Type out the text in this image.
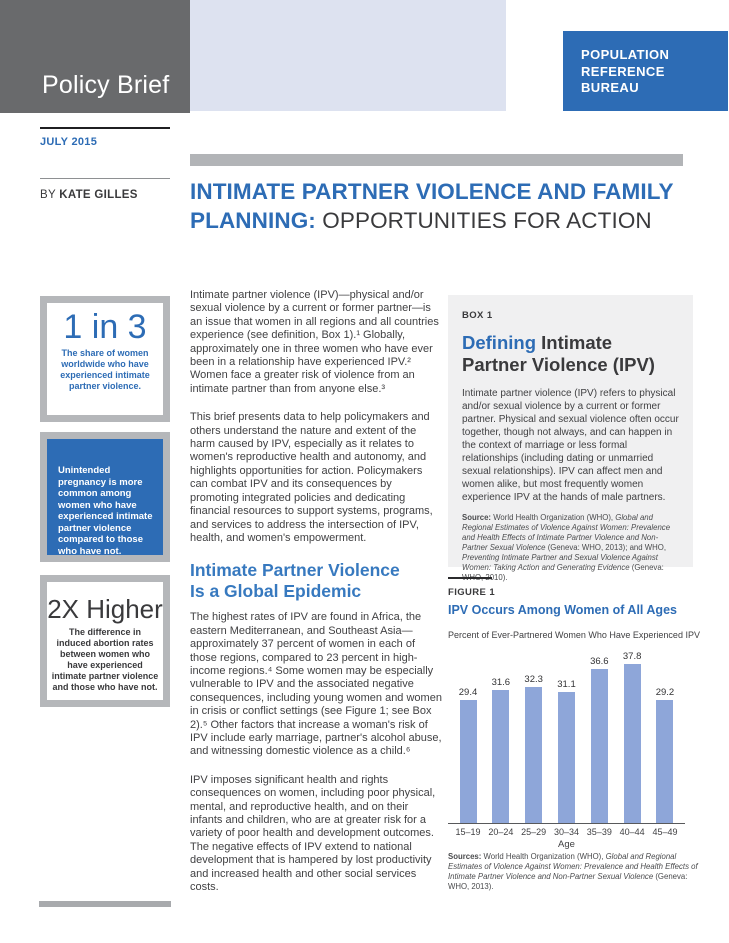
Policy Brief
POPULATION
REFERENCE
BUREAU
JULY 2015
BY KATE GILLES INTIMATE PARTNER VIOLENCE AND FAMILY
PLANNING: OPPORTUNITIES FOR ACTION
1 in 3
The share of women worldwide who have experienced intimate partner violence.
Unintended pregnancy is more common among women who have experienced intimate partner violence compared to those who have not.
2X Higher
The difference in induced abortion rates between women who have experienced intimate partner violence and those who have not.

Intimate partner violence (IPV)—physical and/or sexual violence by a current or former partner—is an issue that women in all regions and all countries experience (see definition, Box 1).¹ Globally, approximately one in three women who have ever been in a relationship have experienced IPV.² Women face a greater risk of violence from an intimate partner than from anyone else.³

This brief presents data to help policymakers and others understand the nature and extent of the harm caused by IPV, especially as it relates to women's reproductive health and autonomy, and highlights opportunities for action. Policymakers can combat IPV and its consequences by promoting integrated policies and dedicating financial resources to support systems, programs, and services to address the intersection of IPV, health, and women's empowerment.

Intimate Partner Violence
Is a Global Epidemic

The highest rates of IPV are found in Africa, the eastern Mediterranean, and Southeast Asia—approximately 37 percent of women in each of those regions, compared to 23 percent in high-income regions.⁴ Some women may be especially vulnerable to IPV and the associated negative consequences, including young women and women in crisis or conflict settings (see Figure 1; see Box 2).⁵ Other factors that increase a woman's risk of IPV include early marriage, partner's alcohol abuse, and witnessing domestic violence as a child.⁶

IPV imposes significant health and rights consequences on women, including poor physical, mental, and reproductive health, and on their infants and children, who are at greater risk for a variety of poor health and development outcomes. The negative effects of IPV extend to national development that is hampered by lost productivity and increased health and other social services costs.

BOX 1
Defining Intimate Partner Violence (IPV)
Intimate partner violence (IPV) refers to physical and/or sexual violence by a current or former partner. Physical and sexual violence often occur together, though not always, and can happen in the context of marriage or less formal relationships (including dating or unmarried sexual relationships). IPV can affect men and women alike, but most frequently women experience IPV at the hands of male partners.
Source: World Health Organization (WHO), Global and Regional Estimates of Violence Against Women: Prevalence and Health Effects of Intimate Partner Violence and Non-Partner Sexual Violence (Geneva: WHO, 2013); and WHO, Preventing Intimate Partner and Sexual Violence Against Women: Taking Action and Generating Evidence (Geneva: WHO, 2010).
FIGURE 1
IPV Occurs Among Women of All Ages
Percent of Ever-Partnered Women Who Have Experienced IPV
29.4
31.6 32.3 31.1
36.6 37.8
29.2
15–19 20–24 25–29 30–34 35–39 40–44 45–49
Age
Sources: World Health Organization (WHO), Global and Regional Estimates of Violence Against Women: Prevalence and Health Effects of Intimate Partner Violence and Non-Partner Sexual Violence (Geneva: WHO, 2013).
